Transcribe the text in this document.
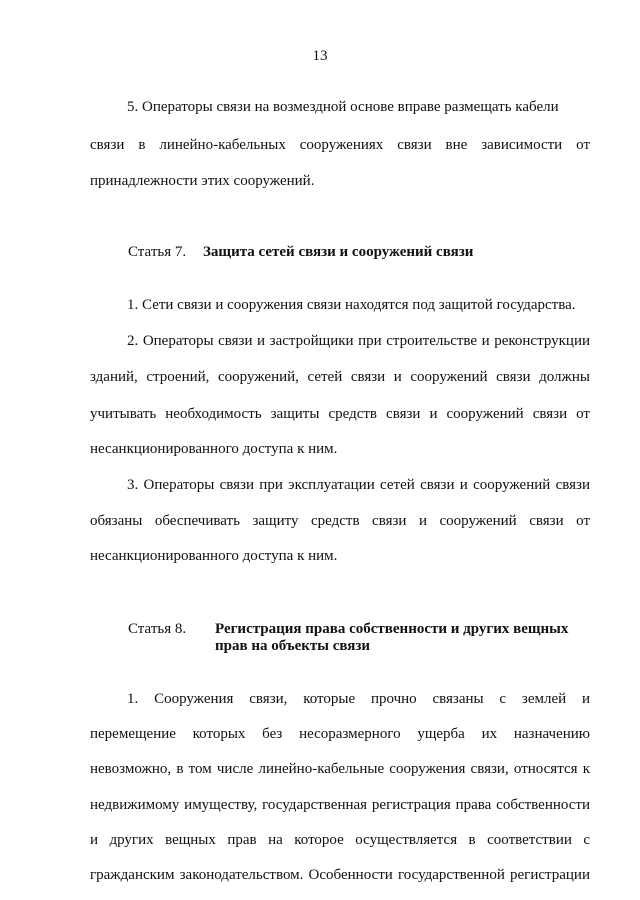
13
5. Операторы связи на возмездной основе вправе размещать кабели
связи в линейно-кабельных сооружениях связи вне зависимости от
принадлежности этих сооружений.
Статья 7. Защита сетей связи и сооружений связи
1. Сети связи и сооружения связи находятся под защитой государства.
2. Операторы связи и застройщики при строительстве и реконструкции
зданий, строений, сооружений, сетей связи и сооружений связи должны
учитывать необходимость защиты средств связи и сооружений связи от
несанкционированного доступа к ним.
3. Операторы связи при эксплуатации сетей связи и сооружений связи
обязаны обеспечивать защиту средств связи и сооружений связи от
несанкционированного доступа к ним.
Статья 8. Регистрация права собственности и других вещных
прав на объекты связи
1. Сооружения связи, которые прочно связаны с землей и
перемещение которых без несоразмерного ущерба их назначению
невозможно, в том числе линейно-кабельные сооружения связи, относятся к
недвижимому имуществу, государственная регистрация права собственности
и других вещных прав на которое осуществляется в соответствии с
гражданским законодательством. Особенности государственной регистрации
